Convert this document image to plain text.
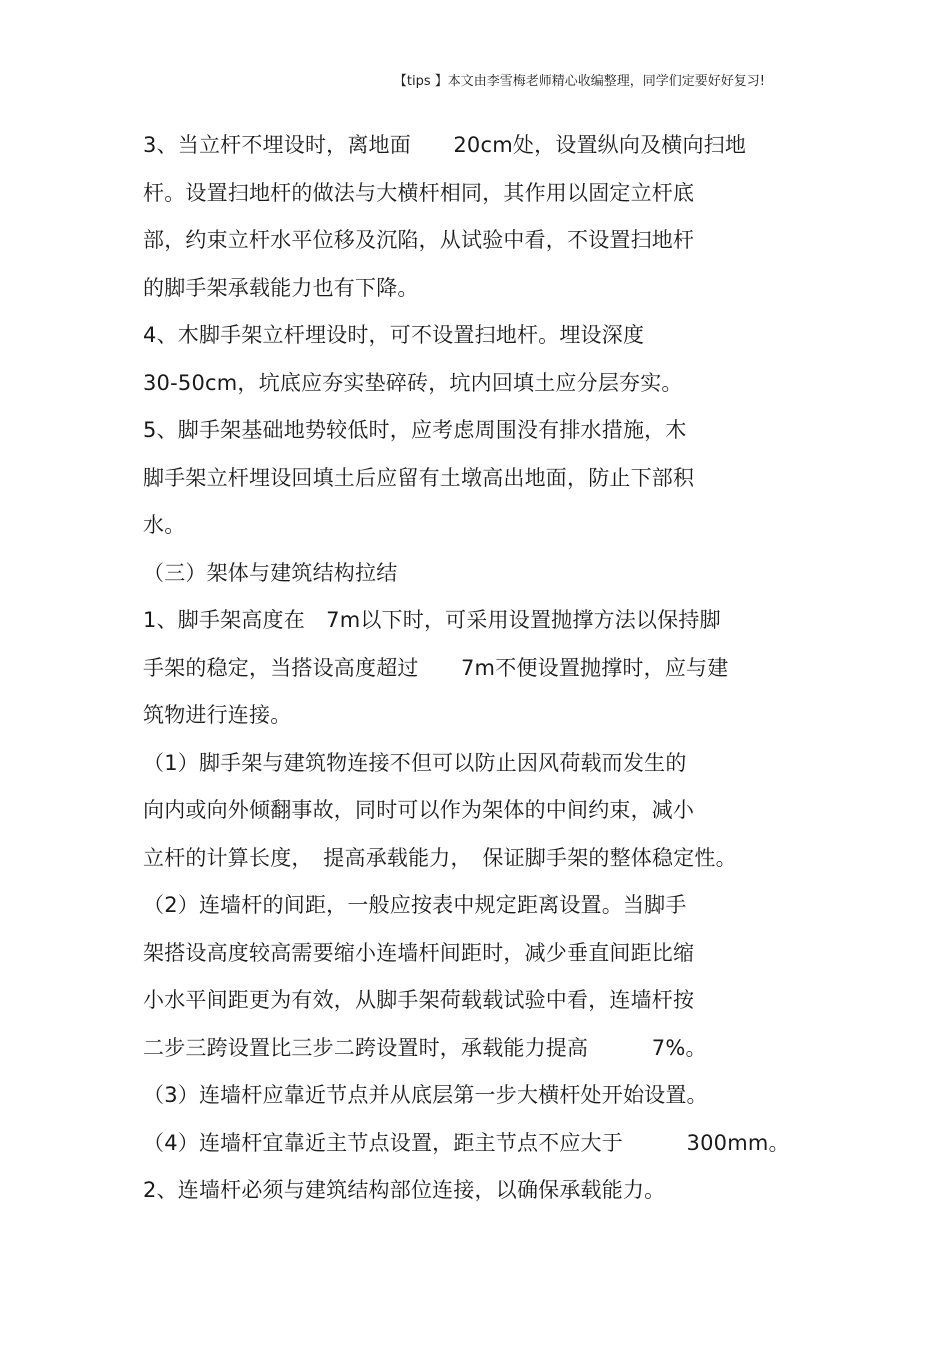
【tips 】本文由李雪梅老师精心收编整理，同学们定要好好复习!
3、当立杆不埋设时，离地面　　20cm处，设置纵向及横向扫地
杆。设置扫地杆的做法与大横杆相同，其作用以固定立杆底
部，约束立杆水平位移及沉陷，从试验中看，不设置扫地杆
的脚手架承载能力也有下降。
4、木脚手架立杆埋设时，可不设置扫地杆。埋设深度
30-50cm，坑底应夯实垫碎砖，坑内回填土应分层夯实。
5、脚手架基础地势较低时，应考虑周围没有排水措施，木
脚手架立杆埋设回填土后应留有土墩高出地面，防止下部积
水。
（三）架体与建筑结构拉结
1、脚手架高度在　7m以下时，可采用设置抛撑方法以保持脚
手架的稳定，当搭设高度超过　　7m不便设置抛撑时，应与建
筑物进行连接。
（1）脚手架与建筑物连接不但可以防止因风荷载而发生的
向内或向外倾翻事故，同时可以作为架体的中间约束，减小
立杆的计算长度，　提高承载能力，　保证脚手架的整体稳定性。
（2）连墙杆的间距，一般应按表中规定距离设置。当脚手
架搭设高度较高需要缩小连墙杆间距时，减少垂直间距比缩
小水平间距更为有效，从脚手架荷载载试验中看，连墙杆按
二步三跨设置比三步二跨设置时，承载能力提高　　　7%。
（3）连墙杆应靠近节点并从底层第一步大横杆处开始设置。
（4）连墙杆宜靠近主节点设置，距主节点不应大于　　　300mm。
2、连墙杆必须与建筑结构部位连接，以确保承载能力。
